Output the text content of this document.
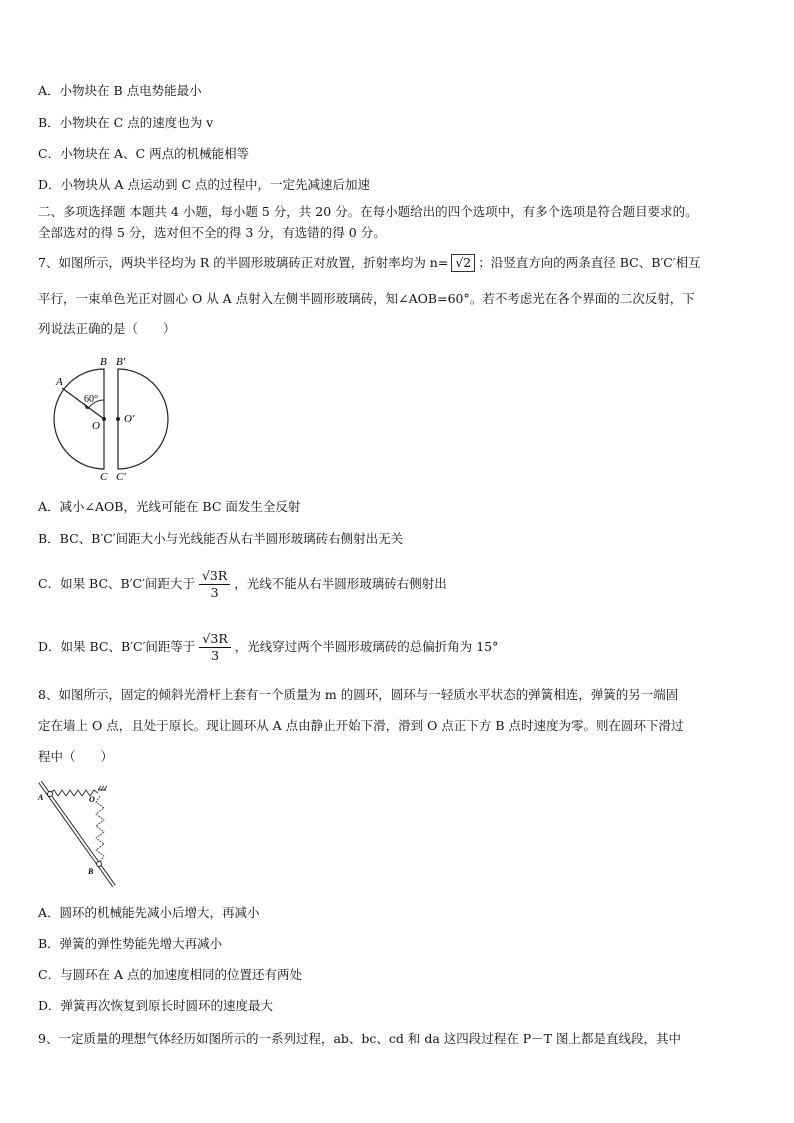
A．小物块在 B 点电势能最小
B．小物块在 C 点的速度也为 v
C．小物块在 A、C 两点的机械能相等
D．小物块从 A 点运动到 C 点的过程中，一定先减速后加速
二、多项选择题 本题共 4 小题，每小题 5 分，共 20 分。在每小题给出的四个选项中，有多个选项是符合题目要求的。
全部选对的得 5 分，选对但不全的得 3 分，有选错的得 0 分。
7、如图所示，两块半径均为 R 的半圆形玻璃砖正对放置，折射率均为 n= √2 ；沿竖直方向的两条直径 BC、B′C′相互
平行，一束单色光正对圆心 O 从 A 点射入左侧半圆形玻璃砖，知∠AOB=60°。若不考虑光在各个界面的二次反射，下
列说法正确的是（　　）
B B′
C C′
A
O
O′
60°
A．减小∠AOB，光线可能在 BC 面发生全反射
B．BC、B′C′间距大小与光线能否从右半圆形玻璃砖右侧射出无关
C．如果 BC、B′C′间距大于 $\frac{√3R}{3}$ ，光线不能从右半圆形玻璃砖右侧射出
D．如果 BC、B′C′间距等于 $\frac{√3R}{3}$ ，光线穿过两个半圆形玻璃砖的总偏折角为 15°
8、如图所示，固定的倾斜光滑杆上套有一个质量为 m 的圆环，圆环与一轻质水平状态的弹簧相连，弹簧的另一端固
定在墙上 O 点，且处于原长。现让圆环从 A 点由静止开始下滑，滑到 O 点正下方 B 点时速度为零。则在圆环下滑过
程中（　　）
A	O
B
A．圆环的机械能先减小后增大，再减小
B．弹簧的弹性势能先增大再减小
C．与圆环在 A 点的加速度相同的位置还有两处
D．弹簧再次恢复到原长时圆环的速度最大
9、一定质量的理想气体经历如图所示的一系列过程，ab、bc、cd 和 da 这四段过程在 P－T 图上都是直线段，其中
